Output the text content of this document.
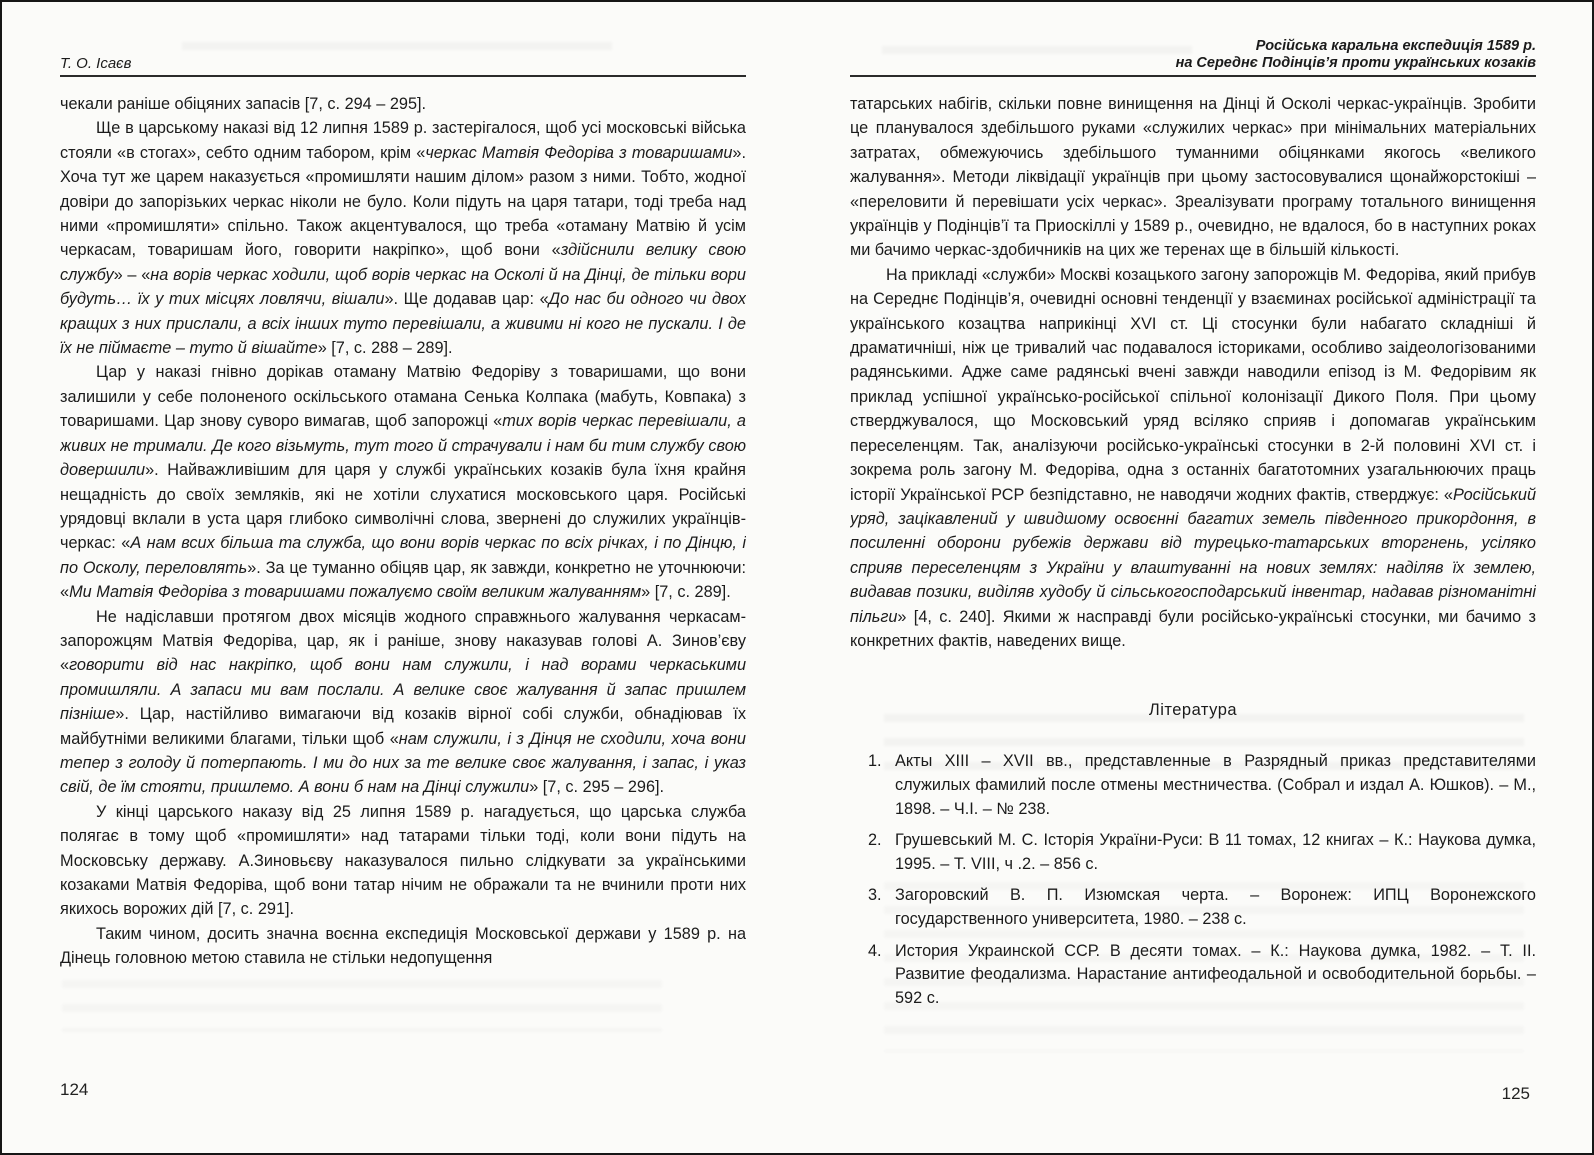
Т. О. Ісаєв

чекали раніше обіцяних запасів [7, с. 294 – 295].

Ще в царському наказі від 12 липня 1589 р. застерігалося, щоб усі московські війська стояли «в стогах», себто одним табором, крім «черкас Матвія Федоріва з товаришами». Хоча тут же царем наказується «промишляти нашим ділом» разом з ними. Тобто, жодної довіри до запорізьких черкас ніколи не було. Коли підуть на царя татари, тоді треба над ними «промишляти» спільно. Також акцентувалося, що треба «отаману Матвію й усім черкасам, товаришам його, говорити накріпко», щоб вони «здійснили велику свою службу» – «на ворів черкас ходили, щоб ворів черкас на Осколі й на Дінці, де тільки вори будуть… їх у тих місцях ловлячи, вішали». Ще додавав цар: «До нас би одного чи двох кращих з них прислали, а всіх інших туто перевішали, а живими ні кого не пускали. І де їх не піймаєте – туто й вішайте» [7, с. 288 – 289].

Цар у наказі гнівно дорікав отаману Матвію Федоріву з товаришами, що вони залишили у себе полоненого оскільського отамана Сенька Колпака (мабуть, Ковпака) з товаришами. Цар знову суворо вимагав, щоб запорожці «тих ворів черкас перевішали, а живих не тримали. Де кого візьмуть, тут того й страчували і нам би тим службу свою довершили». Найважливішим для царя у службі українських козаків була їхня крайня нещадність до своїх земляків, які не хотіли слухатися московського царя. Російські урядовці вклали в уста царя глибоко символічні слова, звернені до служилих українців-черкас: «А нам всих більша та служба, що вони ворів черкас по всіх річках, і по Дінцю, і по Осколу, переловлять». За це туманно обіцяв цар, як завжди, конкретно не уточнюючи: «Ми Матвія Федоріва з товаришами пожалуємо своїм великим жалуванням» [7, с. 289].

Не надіславши протягом двох місяців жодного справжнього жалування черкасам-запорожцям Матвія Федоріва, цар, як і раніше, знову наказував голові А. Зинов’єву «говорити від нас накріпко, щоб вони нам служили, і над ворами черкаськими промишляли. А запаси ми вам послали. А велике своє жалування й запас пришлем пізніше». Цар, настійливо вимагаючи від козаків вірної собі служби, обнадіював їх майбутніми великими благами, тільки щоб «нам служили, і з Дінця не сходили, хоча вони тепер з голоду й потерпають. І ми до них за те велике своє жалування, і запас, і указ свій, де їм стояти, пришлемо. А вони б нам на Дінці служили» [7, с. 295 – 296].

У кінці царського наказу від 25 липня 1589 р. нагадується, що царська служба полягає в тому щоб «промишляти» над татарами тільки тоді, коли вони підуть на Московську державу. А.Зиновьєву наказувалося пильно слідкувати за українськими козаками Матвія Федоріва, щоб вони татар нічим не ображали та не вчинили проти них якихось ворожих дій [7, с. 291].

Таким чином, досить значна воєнна експедиція Московської держави у 1589 р. на Дінець головною метою ставила не стільки недопущення

Російська каральна експедиція 1589 р.
на Середнє Подінців’я проти українських козаків

татарських набігів, скільки повне винищення на Дінці й Осколі черкас-українців. Зробити це планувалося здебільшого руками «служилих черкас» при мінімальних матеріальних затратах, обмежуючись здебільшого туманними обіцянками якогось «великого жалування». Методи ліквідації українців при цьому застосовувалися щонайжорстокіші – «переловити й перевішати усіх черкас». Зреалізувати програму тотального винищення українців у Подінців’ї та Приоскіллі у 1589 р., очевидно, не вдалося, бо в наступних роках ми бачимо черкас-здобичників на цих же теренах ще в більшій кількості.

На прикладі «служби» Москві козацького загону запорожців М. Федоріва, який прибув на Середнє Подінців’я, очевидні основні тенденції у взаєминах російської адміністрації та українського козацтва наприкінці XVI ст. Ці стосунки були набагато складніші й драматичніші, ніж це тривалий час подавалося істориками, особливо заідеологізованими радянськими. Адже саме радянські вчені завжди наводили епізод із М. Федорівим як приклад успішної українсько-російської спільної колонізації Дикого Поля. При цьому стверджувалося, що Московський уряд всіляко сприяв і допомагав українським переселенцям. Так, аналізуючи російсько-українські стосунки в 2-й половині XVI ст. і зокрема роль загону М. Федоріва, одна з останніх багатотомних узагальнюючих праць історії Української РСР безпідставно, не наводячи жодних фактів, стверджує: «Російський уряд, зацікавлений у швидшому освоєнні багатих земель південного прикордоння, в посиленні оборони рубежів держави від турецько-татарських вторгнень, усіляко сприяв переселенцям з України у влаштуванні на нових землях: наділяв їх землею, видавав позики, виділяв худобу й сільськогосподарський інвентар, надавав різноманітні пільги» [4, с. 240]. Якими ж насправді були російсько-українські стосунки, ми бачимо з конкретних фактів, наведених вище.

Література
1. Акты XIII – XVII вв., представленные в Разрядный приказ представителями служилых фамилий после отмены местничества. (Собрал и издал А. Юшков). – М., 1898. – Ч.І. – № 238.
2. Грушевський М. С. Історія України-Руси: В 11 томах, 12 книгах – К.: Наукова думка, 1995. – Т. VIII, ч .2. – 856 с.
3. Загоровский В. П. Изюмская черта. – Воронеж: ИПЦ Воронежского государственного университета, 1980. – 238 с.
4. История Украинской ССР. В десяти томах. – К.: Наукова думка, 1982. – Т. ІІ. Развитие феодализма. Нарастание антифеодальной и освободительной борьбы. – 592 с.
124	125
